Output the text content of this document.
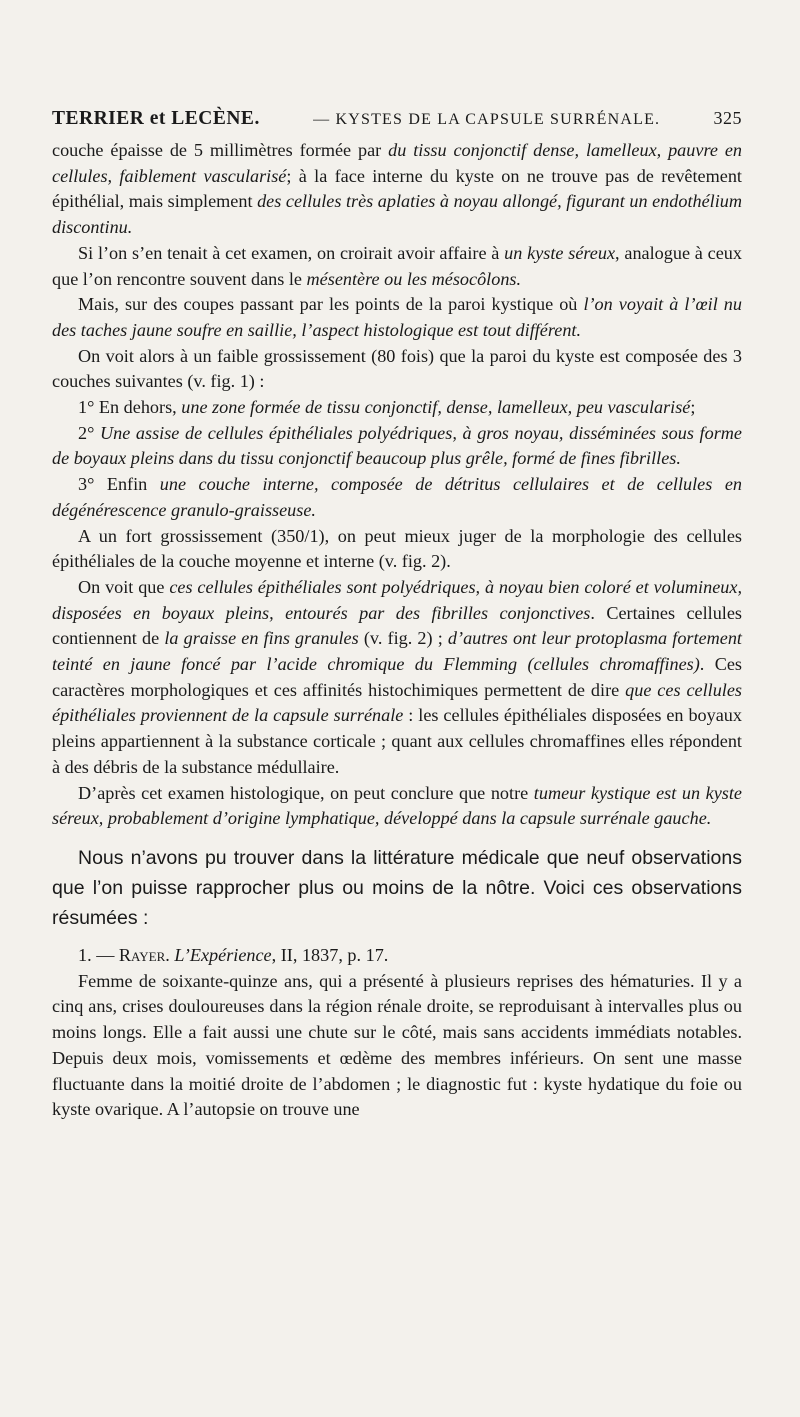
TERRIER et LECÈNE.	— KYSTES DE LA CAPSULE SURRÉNALE.	325

couche épaisse de 5 millimètres formée par du tissu conjonctif dense, lamelleux, pauvre en cellules, faiblement vascularisé; à la face interne du kyste on ne trouve pas de revêtement épithélial, mais simplement des cellules très aplaties à noyau allongé, figurant un endothélium discontinu.

Si l’on s’en tenait à cet examen, on croirait avoir affaire à un kyste séreux, analogue à ceux que l’on rencontre souvent dans le mésentère ou les mésocôlons.

Mais, sur des coupes passant par les points de la paroi kystique où l’on voyait à l’œil nu des taches jaune soufre en saillie, l’aspect histologique est tout différent.

On voit alors à un faible grossissement (80 fois) que la paroi du kyste est composée des 3 couches suivantes (v. fig. 1) :

1° En dehors, une zone formée de tissu conjonctif, dense, lamelleux, peu vascularisé;

2° Une assise de cellules épithéliales polyédriques, à gros noyau, disséminées sous forme de boyaux pleins dans du tissu conjonctif beaucoup plus grêle, formé de fines fibrilles.

3° Enfin une couche interne, composée de détritus cellulaires et de cellules en dégénérescence granulo-graisseuse.

A un fort grossissement (350/1), on peut mieux juger de la morphologie des cellules épithéliales de la couche moyenne et interne (v. fig. 2).

On voit que ces cellules épithéliales sont polyédriques, à noyau bien coloré et volumineux, disposées en boyaux pleins, entourés par des fibrilles conjonctives. Certaines cellules contiennent de la graisse en fins granules (v. fig. 2) ; d’autres ont leur protoplasma fortement teinté en jaune foncé par l’acide chromique du Flemming (cellules chromaffines). Ces caractères morphologiques et ces affinités histochimiques permettent de dire que ces cellules épithéliales proviennent de la capsule surrénale : les cellules épithéliales disposées en boyaux pleins appartiennent à la substance corticale ; quant aux cellules chromaffines elles répondent à des débris de la substance médullaire.

D’après cet examen histologique, on peut conclure que notre tumeur kystique est un kyste séreux, probablement d’origine lymphatique, développé dans la capsule surrénale gauche.

Nous n’avons pu trouver dans la littérature médicale que neuf observations que l’on puisse rapprocher plus ou moins de la nôtre. Voici ces observations résumées :

1. — Rayer. L’Expérience, II, 1837, p. 17.

Femme de soixante-quinze ans, qui a présenté à plusieurs reprises des hématuries. Il y a cinq ans, crises douloureuses dans la région rénale droite, se reproduisant à intervalles plus ou moins longs. Elle a fait aussi une chute sur le côté, mais sans accidents immédiats notables. Depuis deux mois, vomissements et œdème des membres inférieurs. On sent une masse fluctuante dans la moitié droite de l’abdomen ; le diagnostic fut : kyste hydatique du foie ou kyste ovarique. A l’autopsie on trouve une
